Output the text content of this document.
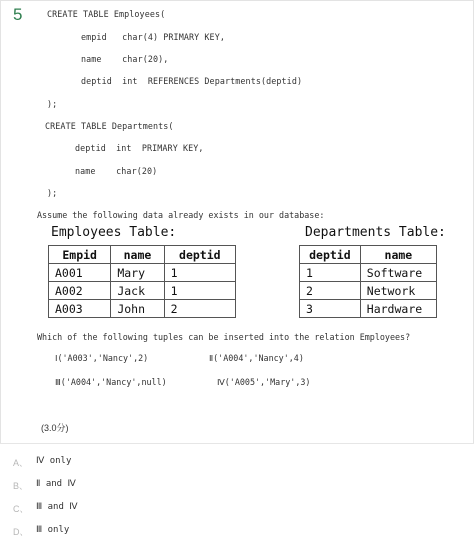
5	CREATE TABLE Employees(
empid   char(4) PRIMARY KEY,
name    char(20),
deptid  int  REFERENCES Departments(deptid)
);
CREATE TABLE Departments(
deptid  int  PRIMARY KEY,
name    char(20)
);
Assume the following data already exists in our database:
Employees Table:	Departments Table:
Empid	name	deptid
A001	Mary	1
A002	Jack	1
A003	John	2
deptid	name
1	Software
2	Network
3	Hardware
Which of the following tuples can be inserted into the relation Employees?
Ⅰ('A003','Nancy',2)	Ⅱ('A004','Nancy',4)
Ⅲ('A004','Nancy',null)	Ⅳ('A005','Mary',3)
(3.0分)
A、 Ⅳ only
B、 Ⅱ and Ⅳ
C、 Ⅲ and Ⅳ
D、 Ⅲ only
